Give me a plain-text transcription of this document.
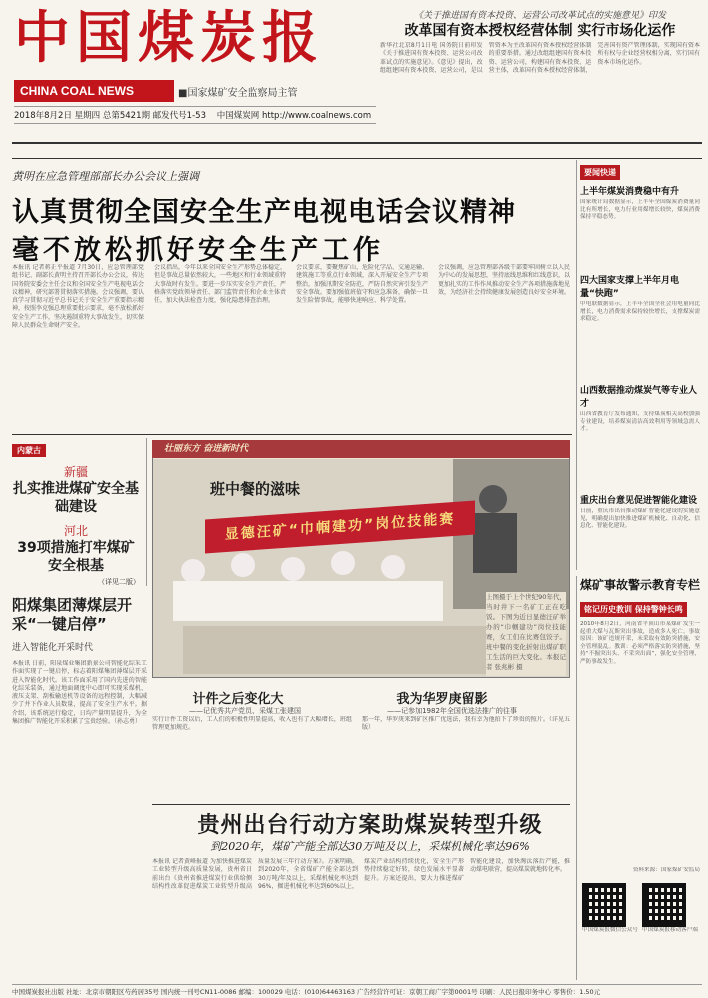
中国煤炭报
CHINA COAL NEWS	■国家煤矿安全监察局主管
2018年8月2日 星期四 总第5421期 邮发代号1-53 中国煤炭网 http://www.coalnews.com
《关于推进国有资本投资、运营公司改革试点的实施意见》印发
改革国有资本授权经营体制 实行市场化运作
新华社北京8月1日电 国务院日前印发《关于推进国有资本投资、运营公司改革试点的实施意见》。《意见》提出，改组组建国有资本投资、运营公司，是以管资本为主改革国有资本授权经营体制的重要举措。通过改组组建国有资本投资、运营公司，构建国有资本投资、运营主体，改革国有资本授权经营体制，完善国有资产管理体制，实现国有资本所有权与企业经营权相分离，实行国有资本市场化运作。
黄明在应急管理部部长办公会议上强调
认真贯彻全国安全生产电视电话会议精神
毫不放松抓好安全生产工作
本报讯 记者蒋正平报道 7月30日，应急管理部党组书记、副部长黄明主持召开部长办公会议，传达国务院安委会主任会议和全国安全生产电视电话会议精神，研究部署贯彻落实措施。会议强调，要认真学习贯彻习近平总书记关于安全生产重要指示精神，按照李克强总理重要批示要求，毫不放松抓好安全生产工作，坚决遏制重特大事故发生，切实保障人民群众生命财产安全。
会议指出，今年以来全国安全生产形势总体稳定，但是事故总量依然较大，一些地区和行业领域重特大事故时有发生。要进一步压实安全生产责任，严格落实党政领导责任、部门监管责任和企业主体责任，加大执法检查力度，强化隐患排查治理。
会议要求，要聚焦矿山、危险化学品、交通运输、建筑施工等重点行业领域，深入开展安全生产专项整治，加强汛期安全防范，严防自然灾害引发生产安全事故。要加强值班值守和应急准备，确保一旦发生险情事故，能够快速响应、科学处置。
会议强调，应急管理部各级干部要牢固树立以人民为中心的发展思想，坚持底线思维和红线意识，以更加扎实的工作作风推动安全生产各项措施落地见效，为经济社会持续健康发展创造良好安全环境。
要闻快递
上半年煤炭消费稳中有升
国家统计局数据显示，上半年全国煤炭消费量同比有所增长，电力行业用煤增长较快，煤炭消费保持平稳态势。
四大国家支撑上半年月电量“快跑”
中电联数据显示，上半年全国全社会用电量同比增长，电力消费需求保持较快增长，支撑煤炭需求稳定。
山西数据推动煤炭气等专业人才
山西省教育厅发布通知，支持煤炭相关高校加强专业建设，培养煤炭清洁高效利用等领域急需人才。
重庆出台意见促进智能化建设
日前，重庆市出台推动煤矿智能化建设的实施意见，明确提出加快推进煤矿机械化、自动化、信息化、智能化建设。
内蒙古
新疆
扎实推进煤矿安全基础建设
河北
39项措施打牢煤矿安全根基
（详见二版）
阳煤集团薄煤层开采“一键启停”
进入智能化开采时代
本报讯 日前，阳泉煤业集团新景公司智能化综采工作面实现了一键启停，标志着阳煤集团薄煤层开采进入智能化时代。该工作面采用了国内先进的智能化综采装备，通过地面调度中心即可实现采煤机、液压支架、刮板输送机等设备的远程控制，大幅减少了井下作业人员数量，提高了安全生产水平。据介绍，该系统运行稳定，日均产量明显提升，为全集团推广智能化开采积累了宝贵经验。（孙志勇）
壮丽东方 奋进新时代
班中餐的滋味
显德汪矿“巾帼建功”岗位技能赛
上图摄于上个世纪90年代，当时井下一名矿工正在吃饭。下图为近日显德汪矿举办的“巾帼建功”岗位技能赛，女工们在比赛包饺子。班中餐的变化折射出煤矿职工生活的巨大变化。本报记者 张兆彬 摄
计件之后变化大
——记优秀共产党员、采煤工张建国
实行计件工资以后，工人们的积极性明显提高，收入也有了大幅增长，班组管理更加规范。
我为华罗庚留影
——记参加1982年全国优选法推广的往事
那一年，华罗庚来到矿区推广优选法，我有幸为他拍下了珍贵的照片。（详见五版）
贵州出台行动方案助煤炭转型升级
到2020年，煤矿产能全部达30万吨及以上，采煤机械化率达96%
本报讯 记者黄峰报道 为加快推进煤炭工业转型升级高质量发展，贵州省日前出台《贵州省推进煤炭行业供给侧结构性改革促进煤炭工业转型升级高质量发展三年行动方案》。方案明确，到2020年，全省煤矿产能全部达到30万吨/年及以上，采煤机械化率达到96%，掘进机械化率达到60%以上，煤炭产业结构持续优化，安全生产形势持续稳定好转，绿色发展水平显著提升。方案还提出，要大力推进煤矿智能化建设，加快淘汰落后产能，推动煤电联营，提高煤炭就地转化率。
煤矿事故警示教育专栏
铭记历史教训 保持警钟长鸣
2010年8月2日，河南省平顶山市某煤矿发生一起重大煤与瓦斯突出事故，造成多人死亡。事故原因：该矿违规开采，未采取有效防突措施，安全管理混乱。教训：必须严格落实防突措施，坚持“不掘突出头、不采突出面”，强化安全管理，严防事故发生。
资料来源：国家煤矿安监局
中国煤炭报微信公众号 中国煤炭报移动客户端
中国煤炭报社出版 社址：北京市朝阳区芍药居35号 国内统一刊号CN11-0086 邮编：100029 电话：(010)64463163 广告经营许可证：京朝工商广字第0001号 印刷：人民日报印务中心 零售价：1.50元
